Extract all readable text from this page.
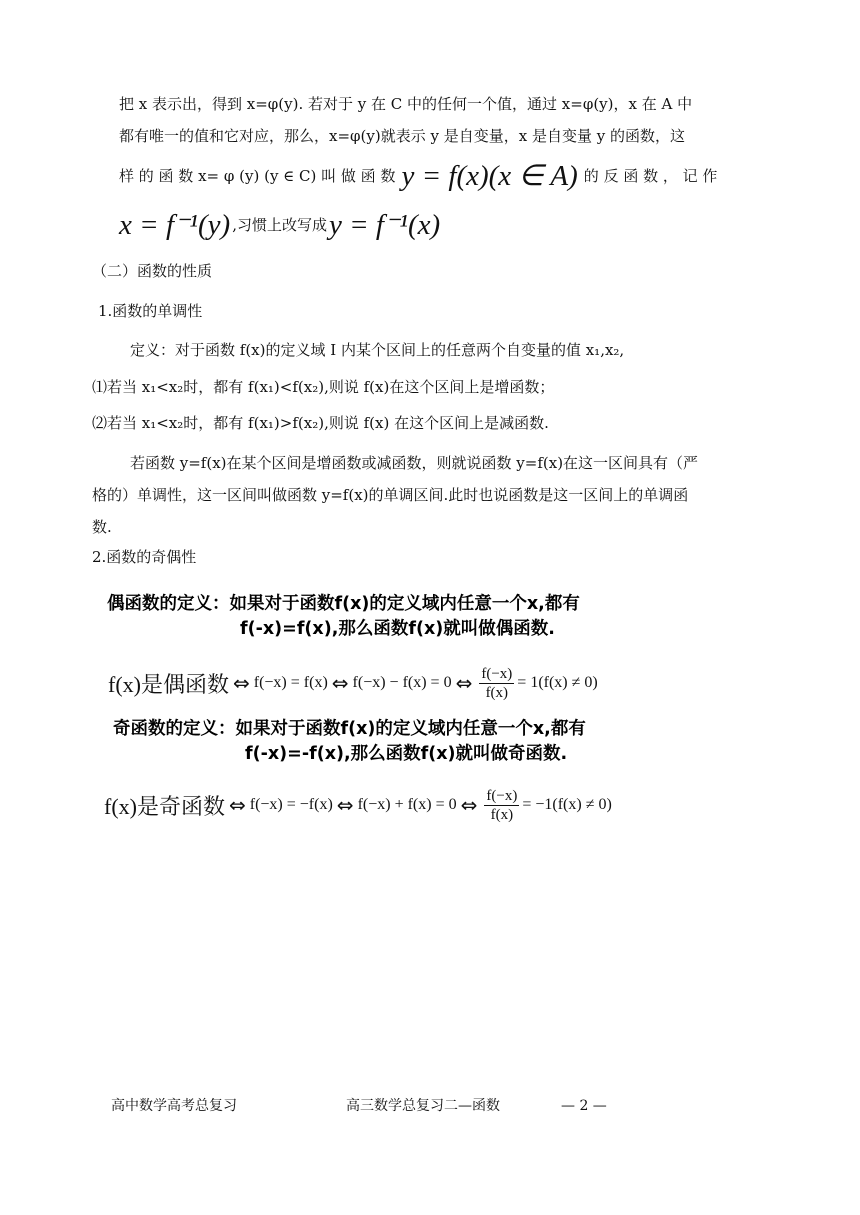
把 x 表示出，得到 x=φ(y). 若对于 y 在 C 中的任何一个值，通过 x=φ(y)，x 在 A 中
都有唯一的值和它对应，那么，x=φ(y)就表示 y 是自变量，x 是自变量 y 的函数，这
样 的 函 数 x= φ (y) (y ∈ C) 叫 做 函 数 y = f(x)(x ∈ A) 的 反 函 数 ， 记 作
x = f⁻¹(y) ,习惯上改写成 y = f⁻¹(x)
（二）函数的性质
1.函数的单调性
定义：对于函数 f(x)的定义域 I 内某个区间上的任意两个自变量的值 x₁,x₂,
⑴若当 x₁<x₂时，都有 f(x₁)<f(x₂),则说 f(x)在这个区间上是增函数；
⑵若当 x₁<x₂时，都有 f(x₁)>f(x₂),则说 f(x) 在这个区间上是减函数.
若函数 y=f(x)在某个区间是增函数或减函数，则就说函数 y=f(x)在这一区间具有（严
格的）单调性，这一区间叫做函数 y=f(x)的单调区间.此时也说函数是这一区间上的单调函
数.
2.函数的奇偶性
偶函数的定义：如果对于函数f(x)的定义域内任意一个x,都有
f(-x)=f(x),那么函数f(x)就叫做偶函数.
f(x)是偶函数 ⇔ f(−x) = f(x) ⇔ f(−x) − f(x) = 0 ⇔ $\frac{f(-x)}{f(x)} = 1(f(x) \ne 0)$
奇函数的定义：如果对于函数f(x)的定义域内任意一个x,都有
f(-x)=-f(x),那么函数f(x)就叫做奇函数.
f(x)是奇函数 ⇔ f(−x) = −f(x) ⇔ f(−x) + f(x) = 0 ⇔ $\frac{f(-x)}{f(x)} = -1(f(x) \ne 0)$
高中数学高考总复习	高三数学总复习二—函数	— 2 —
